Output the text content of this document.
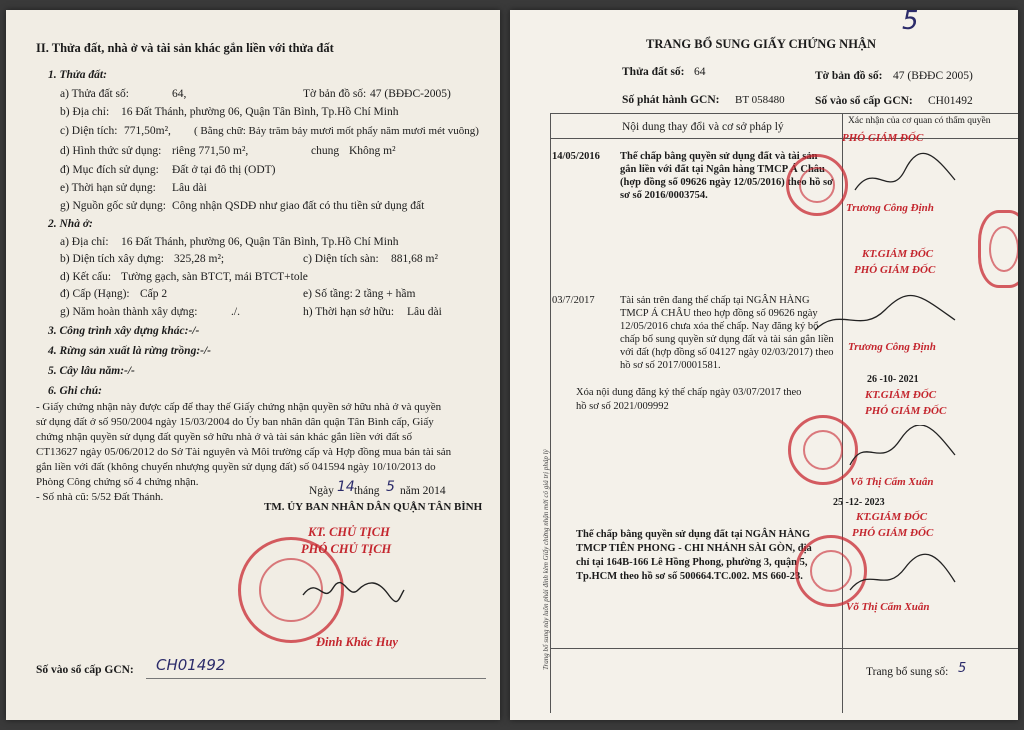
II. Thửa đất, nhà ở và tài sản khác gắn liền với thửa đất
1. Thửa đất:
a) Thửa đất số:	64,	Tờ bản đồ số: 47 (BĐĐC-2005)
b) Địa chỉ: 16 Đất Thánh, phường 06, Quận Tân Bình, Tp.Hồ Chí Minh
c) Diện tích: 771,50m², ( Bằng chữ: Bảy trăm bảy mươi mốt phẩy năm mươi mét vuông)
d) Hình thức sử dụng: riêng 771,50 m²,	chung Không m²
đ) Mục đích sử dụng: Đất ở tại đô thị (ODT)
e) Thời hạn sử dụng: Lâu dài
g) Nguồn gốc sử dụng: Công nhận QSDĐ như giao đất có thu tiền sử dụng đất
2. Nhà ở:
a) Địa chỉ: 16 Đất Thánh, phường 06, Quận Tân Bình, Tp.Hồ Chí Minh
b) Diện tích xây dựng: 325,28 m²;	c) Diện tích sàn: 881,68 m²
d) Kết cấu: Tường gạch, sàn BTCT, mái BTCT+tole
đ) Cấp (Hạng): Cấp 2	e) Số tầng: 2 tầng + hầm
g) Năm hoàn thành xây dựng:	./.	h) Thời hạn sở hữu: Lâu dài
3. Công trình xây dựng khác:-/-
4. Rừng sản xuất là rừng trồng:-/-
5. Cây lâu năm:-/-
6. Ghi chú:
- Giấy chứng nhận này được cấp để thay thế Giấy chứng nhận quyền sở hữu nhà ở và quyền
sử dụng đất ở số 950/2004 ngày 15/03/2004 do Ủy ban nhân dân quận Tân Bình cấp, Giấy
chứng nhận quyền sử dụng đất quyền sở hữu nhà ở và tài sản khác gắn liền với đất số
CT13627 ngày 05/06/2012 do Sở Tài nguyên và Môi trường cấp và Hợp đồng mua bán tài sản
gắn liền với đất (không chuyển nhượng quyền sử dụng đất) số 041594 ngày 10/10/2013 do
Phòng Công chứng số 4 chứng nhận.
- Số nhà cũ: 5/52 Đất Thánh.	Ngày 14 tháng 5 năm 2014
TM. ỦY BAN NHÂN DÂN QUẬN TÂN BÌNH
KT. CHỦ TỊCH
PHÓ CHỦ TỊCH
Đinh Khắc Huy
Số vào sổ cấp GCN: CH01492
5
TRANG BỔ SUNG GIẤY CHỨNG NHẬN
Thửa đất số: 64	Tờ bản đồ số: 47 (BĐĐC 2005)
Số phát hành GCN: BT 058480	Số vào sổ cấp GCN: CH01492
Nội dung thay đổi và cơ sở pháp lý	Xác nhận của cơ quan có thẩm quyền
14/05/2016 Thế chấp bằng quyền sử dụng đất và tài sản
gắn liền với đất tại Ngân hàng TMCP Á Châu
(hợp đồng số 09626 ngày 12/05/2016) theo hồ sơ
sơ số 2016/0003754.
PHÓ GIÁM ĐỐC
Trương Công Định
03/7/2017 Tài sản trên đang thế chấp tại NGÂN HÀNG
TMCP Á CHÂU theo hợp đồng số 09626 ngày
12/05/2016 chưa xóa thế chấp. Nay đăng ký bổ
chấp bổ sung quyền sử dụng đất và tài sản gắn liền
với đất (hợp đồng số 04127 ngày 02/03/2017) theo
hồ sơ số 2017/0001581.
KT.GIÁM ĐỐC
PHÓ GIÁM ĐỐC
Trương Công Định
26 -10- 2021
Xóa nội dung đăng ký thế chấp ngày 03/07/2017 theo
hồ sơ số 2021/009992
KT.GIÁM ĐỐC
PHÓ GIÁM ĐỐC
Võ Thị Cẩm Xuân
25 -12- 2023
Thế chấp bằng quyền sử dụng đất tại NGÂN HÀNG
TMCP TIÊN PHONG - CHI NHÁNH SÀI GÒN, địa
chỉ tại 164B-166 Lê Hồng Phong, phường 3, quận 5,
Tp.HCM theo hồ sơ số 500664.TC.002. MS 660-23.
KT.GIÁM ĐỐC
PHÓ GIÁM ĐỐC
Võ Thị Cẩm Xuân
Trang bổ sung này luôn phải đính kèm Giấy chứng nhận mới có giá trị pháp lý
Trang bổ sung số: 5
